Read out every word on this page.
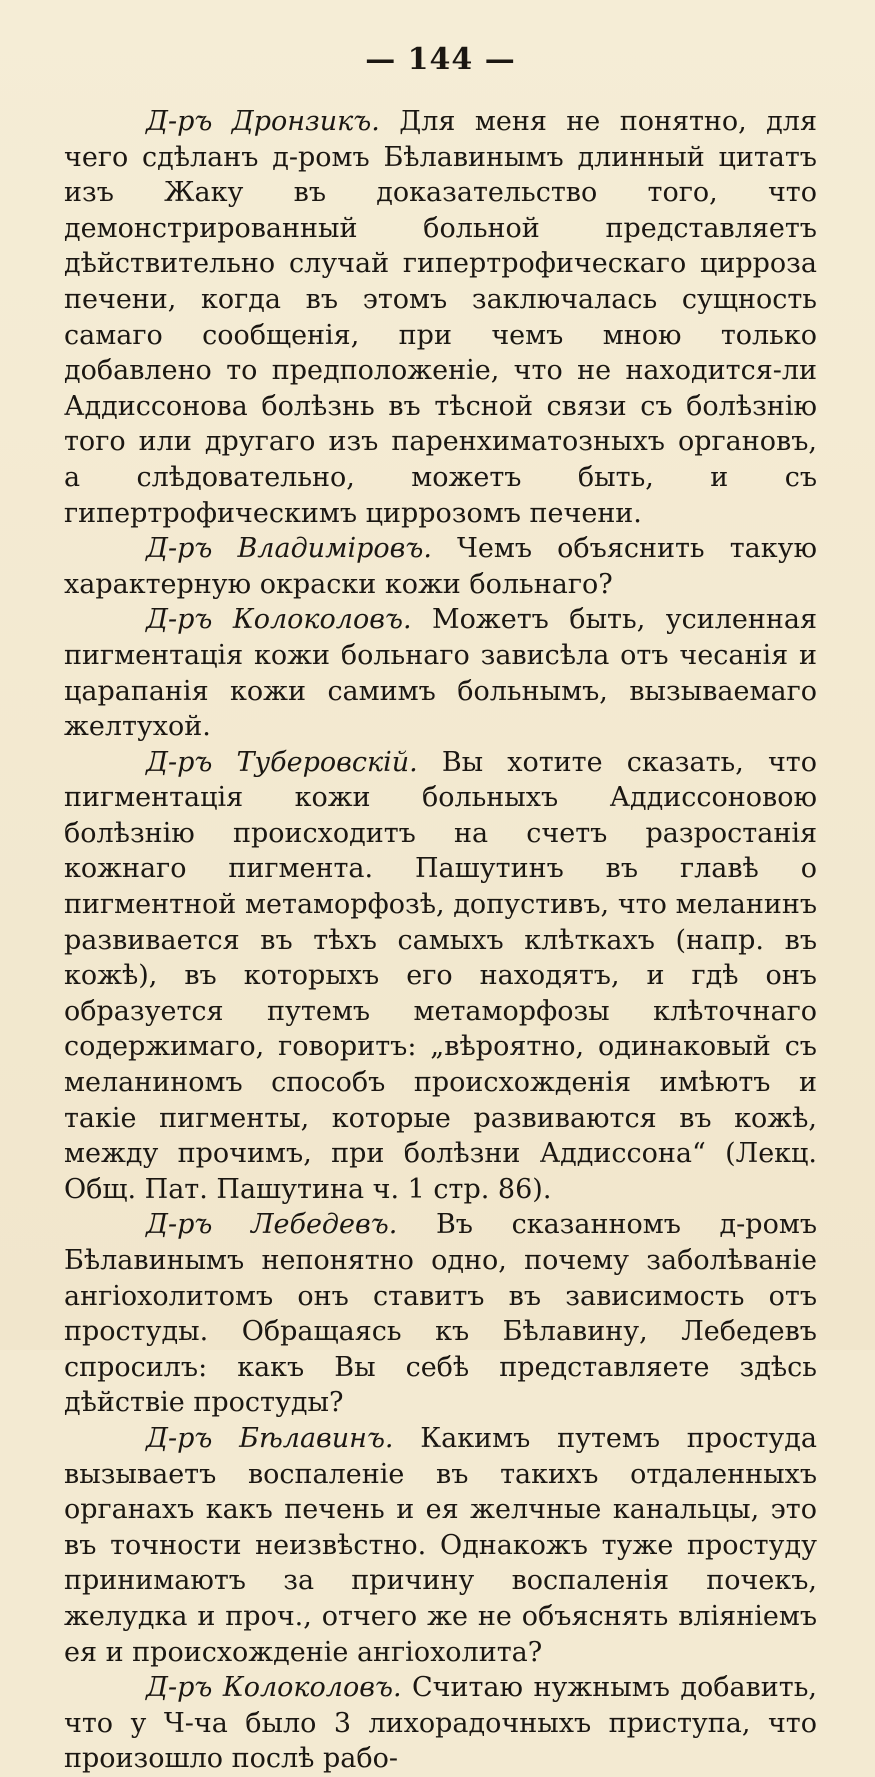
— 144 —

Д-ръ Дронзикъ. Для меня не понятно, для чего сдѣланъ д-ромъ Бѣлавинымъ длинный цитатъ изъ Жаку въ доказательство того, что демонстрированный больной представляетъ дѣйствительно случай гипертрофическаго цирроза печени, когда въ этомъ заключалась сущность самаго сообщенія, при чемъ мною только добавлено то предположеніе, что не находится-ли Аддиссонова болѣзнь въ тѣсной связи съ болѣзнію того или другаго изъ паренхиматозныхъ органовъ, а слѣдовательно, можетъ быть, и съ гипертрофическимъ циррозомъ печени.

Д-ръ Владимiровъ. Чемъ объяснить такую характерную окраски кожи больнаго?

Д-ръ Колоколовъ. Можетъ быть, усиленная пигментація кожи больнаго зависѣла отъ чесанія и царапанія кожи самимъ больнымъ, вызываемаго желтухой.

Д-ръ Туберовскій. Вы хотите сказать, что пигментація кожи больныхъ Аддиссоновою болѣзнію происходитъ на счетъ разростанія кожнаго пигмента. Пашутинъ въ главѣ о пигментной метаморфозѣ, допустивъ, что меланинъ развивается въ тѣхъ самыхъ клѣткахъ (напр. въ кожѣ), въ которыхъ его находятъ, и гдѣ онъ образуется путемъ метаморфозы клѣточнаго содержимаго, говоритъ: „вѣроятно, одинаковый съ меланиномъ способъ происхожденія имѣютъ и такіе пигменты, которые развиваются въ кожѣ, между прочимъ, при болѣзни Аддиссона“ (Лекц. Общ. Пат. Пашутина ч. 1 стр. 86).

Д-ръ Лебедевъ. Въ сказанномъ д-ромъ Бѣлавинымъ непонятно одно, почему заболѣваніе ангіохолитомъ онъ ставитъ въ зависимость отъ простуды. Обращаясь къ Бѣлавину, Лебедевъ спросилъ: какъ Вы себѣ представляете здѣсь дѣйствіе простуды?

Д-ръ Бѣлавинъ. Какимъ путемъ простуда вызываетъ воспаленіе въ такихъ отдаленныхъ органахъ какъ печень и ея желчные канальцы, это въ точности неизвѣстно. Однакожъ туже простуду принимаютъ за причину воспаленія почекъ, желудка и проч., отчего же не объяснять вліяніемъ ея и происхожденіе ангіохолита?

Д-ръ Колоколовъ. Считаю нужнымъ добавить, что у Ч-ча было 3 лихорадочныхъ приступа, что произошло послѣ рабо-
